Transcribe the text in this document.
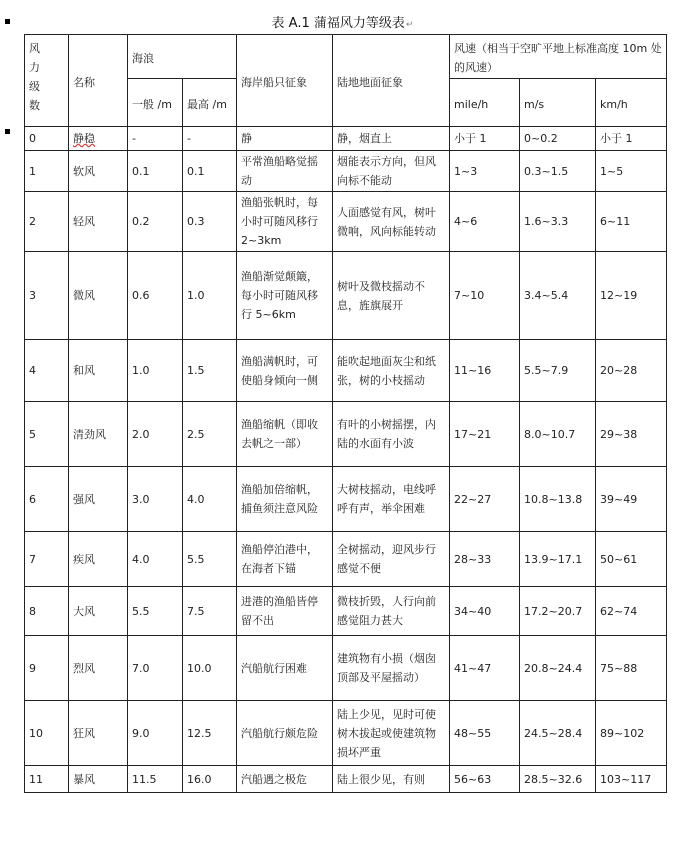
表 A.1 蒲福风力等级表↵
风力级数	名称	海浪		海岸船只征象	陆地地面征象	风速（相当于空旷平地上标准高度 10m 处的风速）		
		一般 /m	最高 /m			mile/h	m/s	km/h
0	静稳	-	-	静	静，烟直上	小于 1	0~0.2	小于 1
1	软风	0.1	0.1	平常渔船略觉摇动	烟能表示方向，但风向标不能动	1~3	0.3~1.5	1~5
2	轻风	0.2	0.3	渔船张帆时，每小时可随风移行 2~3km	人面感觉有风，树叶微响，风向标能转动	4~6	1.6~3.3	6~11
3	微风	0.6	1.0	渔船渐觉颠簸，每小时可随风移行 5~6km	树叶及微枝摇动不息，旌旗展开	7~10	3.4~5.4	12~19
4	和风	1.0	1.5	渔船满帆时，可使船身倾向一侧	能吹起地面灰尘和纸张，树的小枝摇动	11~16	5.5~7.9	20~28
5	清劲风	2.0	2.5	渔船缩帆（即收去帆之一部）	有叶的小树摇摆，内陆的水面有小波	17~21	8.0~10.7	29~38
6	强风	3.0	4.0	渔船加倍缩帆，捕鱼须注意风险	大树枝摇动，电线呼呼有声，举伞困难	22~27	10.8~13.8	39~49
7	疾风	4.0	5.5	渔船停泊港中，在海者下锚	全树摇动，迎风步行感觉不便	28~33	13.9~17.1	50~61
8	大风	5.5	7.5	进港的渔船皆停留不出	微枝折毁，人行向前感觉阻力甚大	34~40	17.2~20.7	62~74
9	烈风	7.0	10.0	汽船航行困难	建筑物有小损（烟囱顶部及平屋摇动）	41~47	20.8~24.4	75~88
10	狂风	9.0	12.5	汽船航行颇危险	陆上少见，见时可使树木拔起或使建筑物损坏严重	48~55	24.5~28.4	89~102
11	暴风	11.5	16.0	汽船遇之极危	陆上很少见，有则	56~63	28.5~32.6	103~117
